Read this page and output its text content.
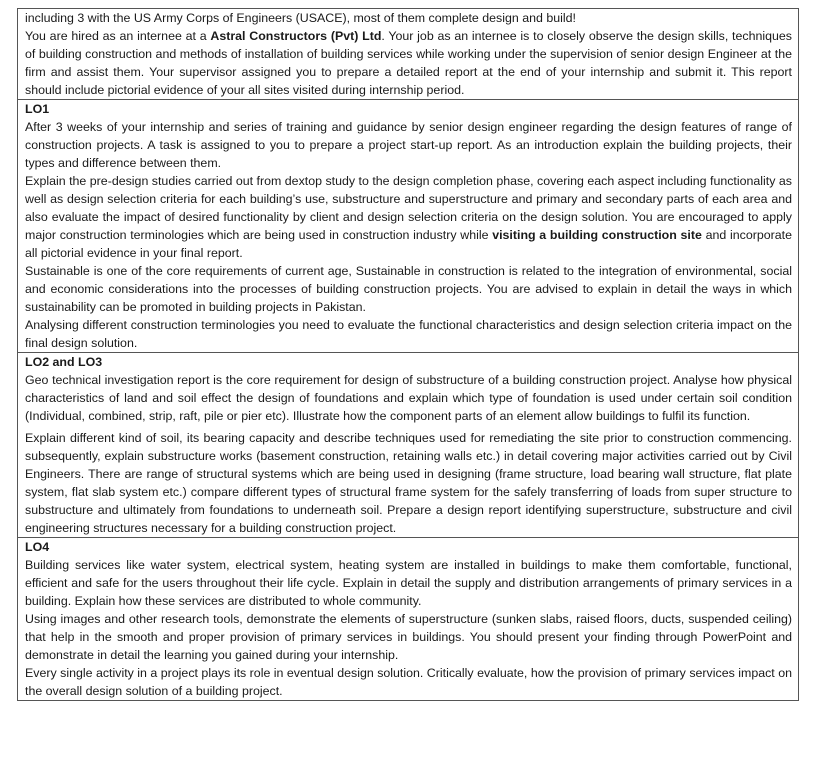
including 3 with the US Army Corps of Engineers (USACE), most of them complete design and build!

You are hired as an internee at a Astral Constructors (Pvt) Ltd. Your job as an internee is to closely observe the design skills, techniques of building construction and methods of installation of building services while working under the supervision of senior design Engineer at the firm and assist them. Your supervisor assigned you to prepare a detailed report at the end of your internship and submit it. This report should include pictorial evidence of your all sites visited during internship period.

LO1

After 3 weeks of your internship and series of training and guidance by senior design engineer regarding the design features of range of construction projects. A task is assigned to you to prepare a project start-up report. As an introduction explain the building projects, their types and difference between them.

Explain the pre-design studies carried out from dextop study to the design completion phase, covering each aspect including functionality as well as design selection criteria for each building’s use, substructure and superstructure and primary and secondary parts of each area and also evaluate the impact of desired functionality by client and design selection criteria on the design solution. You are encouraged to apply major construction terminologies which are being used in construction industry while visiting a building construction site and incorporate all pictorial evidence in your final report.

Sustainable is one of the core requirements of current age, Sustainable in construction is related to the integration of environmental, social and economic considerations into the processes of building construction projects. You are advised to explain in detail the ways in which sustainability can be promoted in building projects in Pakistan.

Analysing different construction terminologies you need to evaluate the functional characteristics and design selection criteria impact on the final design solution.

LO2 and LO3

Geo technical investigation report is the core requirement for design of substructure of a building construction project. Analyse how physical characteristics of land and soil effect the design of foundations and explain which type of foundation is used under certain soil condition (Individual, combined, strip, raft, pile or pier etc). Illustrate how the component parts of an element allow buildings to fulfil its function.

Explain different kind of soil, its bearing capacity and describe techniques used for remediating the site prior to construction commencing. subsequently, explain substructure works (basement construction, retaining walls etc.) in detail covering major activities carried out by Civil Engineers. There are range of structural systems which are being used in designing (frame structure, load bearing wall structure, flat plate system, flat slab system etc.) compare different types of structural frame system for the safely transferring of loads from super structure to substructure and ultimately from foundations to underneath soil. Prepare a design report identifying superstructure, substructure and civil engineering structures necessary for a building construction project.

LO4

Building services like water system, electrical system, heating system are installed in buildings to make them comfortable, functional, efficient and safe for the users throughout their life cycle. Explain in detail the supply and distribution arrangements of primary services in a building. Explain how these services are distributed to whole community.

Using images and other research tools, demonstrate the elements of superstructure (sunken slabs, raised floors, ducts, suspended ceiling) that help in the smooth and proper provision of primary services in buildings. You should present your finding through PowerPoint and demonstrate in detail the learning you gained during your internship.

Every single activity in a project plays its role in eventual design solution. Critically evaluate, how the provision of primary services impact on the overall design solution of a building project.
